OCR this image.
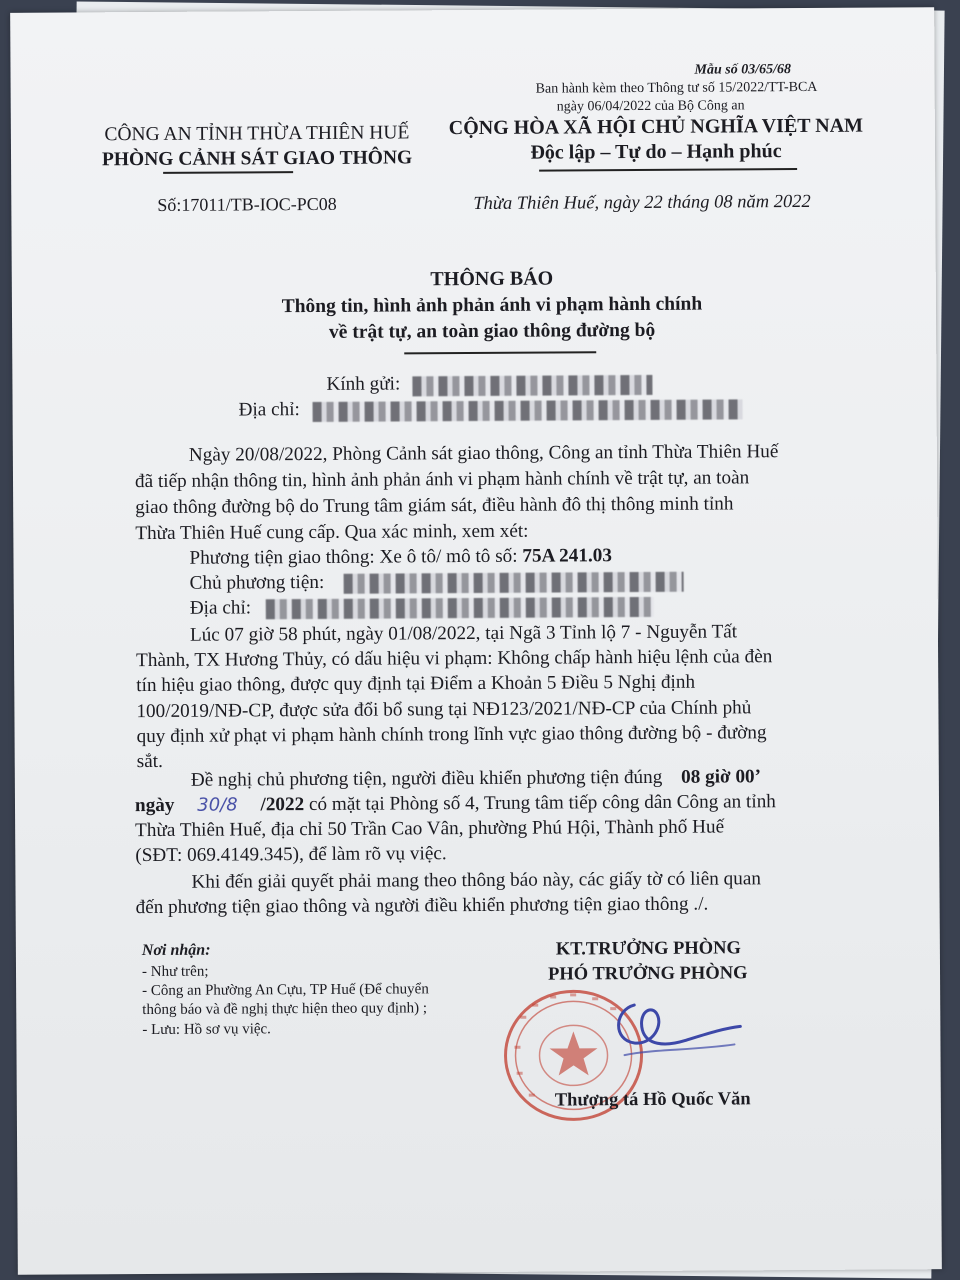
Mẫu số 03/65/68
Ban hành kèm theo Thông tư số 15/2022/TT-BCA
ngày 06/04/2022 của Bộ Công an
CÔNG AN TỈNH THỪA THIÊN HUẾ
PHÒNG CẢNH SÁT GIAO THÔNG
CỘNG HÒA XÃ HỘI CHỦ NGHĨA VIỆT NAM
Độc lập – Tự do – Hạnh phúc
Số:17011/TB-IOC-PC08	Thừa Thiên Huế, ngày 22 tháng 08 năm 2022
THÔNG BÁO
Thông tin, hình ảnh phản ánh vi phạm hành chính
về trật tự, an toàn giao thông đường bộ
Kính gửi:
Địa chỉ:
Ngày 20/08/2022, Phòng Cảnh sát giao thông, Công an tỉnh Thừa Thiên Huế
đã tiếp nhận thông tin, hình ảnh phản ánh vi phạm hành chính về trật tự, an toàn
giao thông đường bộ do Trung tâm giám sát, điều hành đô thị thông minh tỉnh
Thừa Thiên Huế cung cấp. Qua xác minh, xem xét:
Phương tiện giao thông: Xe ô tô/ mô tô số: 75A 241.03
Chủ phương tiện:
Địa chỉ:
Lúc 07 giờ 58 phút, ngày 01/08/2022, tại Ngã 3 Tỉnh lộ 7 - Nguyễn Tất
Thành, TX Hương Thủy, có dấu hiệu vi phạm: Không chấp hành hiệu lệnh của đèn
tín hiệu giao thông, được quy định tại Điểm a Khoản 5 Điều 5 Nghị định
100/2019/NĐ-CP, được sửa đổi bổ sung tại NĐ123/2021/NĐ-CP của Chính phủ
quy định xử phạt vi phạm hành chính trong lĩnh vực giao thông đường bộ - đường
sắt.
Đề nghị chủ phương tiện, người điều khiển phương tiện đúng 08 giờ 00’
ngày 30/8 /2022 có mặt tại Phòng số 4, Trung tâm tiếp công dân Công an tỉnh
Thừa Thiên Huế, địa chỉ 50 Trần Cao Vân, phường Phú Hội, Thành phố Huế
(SĐT: 069.4149.345), để làm rõ vụ việc.
Khi đến giải quyết phải mang theo thông báo này, các giấy tờ có liên quan
đến phương tiện giao thông và người điều khiển phương tiện giao thông ./.
Nơi nhận:
- Như trên;
- Công an Phường An Cựu, TP Huế (Để chuyển
thông báo và đề nghị thực hiện theo quy định) ;
- Lưu: Hồ sơ vụ việc.
KT.TRƯỞNG PHÒNG
PHÓ TRƯỞNG PHÒNG
Thượng tá Hồ Quốc Văn
